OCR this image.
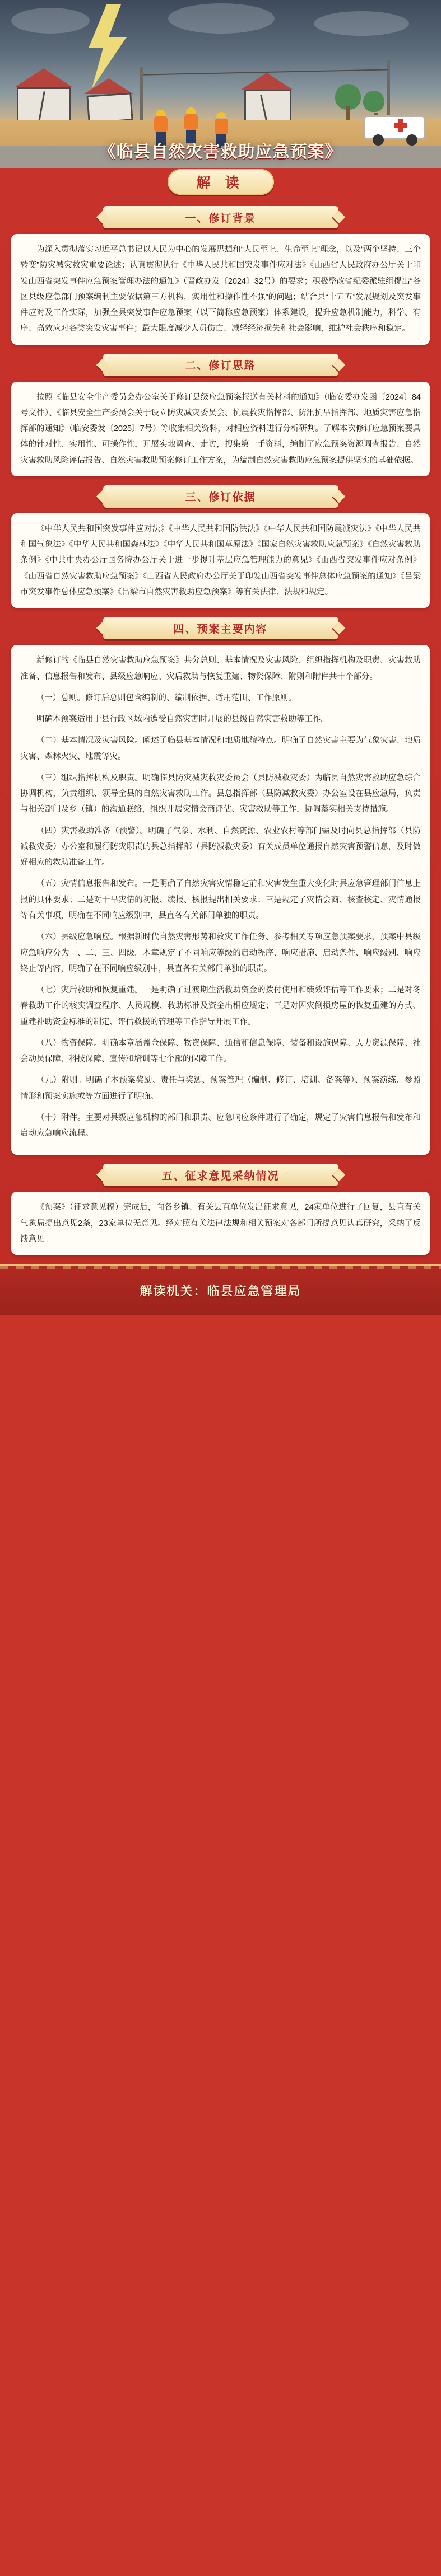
《临县自然灾害救助应急预案》
解 读
一、修订背景

为深入贯彻落实习近平总书记以人民为中心的发展思想和“人民至上、生命至上”理念，以及“两个坚持、三个转变”防灾减灾救灾重要论述；认真贯彻执行《中华人民共和国突发事件应对法》《山西省人民政府办公厅关于印发山西省突发事件应急预案管理办法的通知》（晋政办发〔2024〕32号）的要求；积极整改省纪委派驻组提出“各区县级应急部门预案编制主要依据第三方机构，实用性和操作性不强”的问题；结合县“十五五”发展规划及突发事件应对及工作实际，加强全县突发事件应急预案（以下简称应急预案）体系建设，提升应急机制能力，科学、有序、高效应对各类突发灾害事件；最大限度减少人员伤亡、减轻经济损失和社会影响，维护社会秩序和稳定。

二、修订思路

按照《临县安全生产委员会办公室关于修订县级应急预案报送有关材料的通知》（临安委办发函〔2024〕84号文件）、《临县安全生产委员会关于设立防灾减灾委员会、抗震救灾指挥部、防汛抗旱指挥部、地质灾害应急指挥部的通知》（临安委发〔2025〕7号）等收集相关资料，对相应资料进行分析研判。了解本次修订应急预案要具体的针对性、实用性、可操作性，开展实地调查、走访，搜集第一手资料，编制了应急预案资源调查报告、自然灾害救助风险评估报告、自然灾害救助预案修订工作方案，为编制自然灾害救助应急预案提供坚实的基础依据。

三、修订依据

《中华人民共和国突发事件应对法》《中华人民共和国防洪法》《中华人民共和国防震减灾法》《中华人民共和国气象法》《中华人民共和国森林法》《中华人民共和国草原法》《国家自然灾害救助应急预案》《自然灾害救助条例》《中共中央办公厅国务院办公厅关于进一步提升基层应急管理能力的意见》《山西省突发事件应对条例》《山西省自然灾害救助应急预案》《山西省人民政府办公厅关于印发山西省突发事件总体应急预案的通知》《吕梁市突发事件总体应急预案》《吕梁市自然灾害救助应急预案》等有关法律、法规和规定。

四、预案主要内容

新修订的《临县自然灾害救助应急预案》共分总则、基本情况及灾害风险、组织指挥机构及职责、灾害救助准备、信息报告和发布、县级应急响应、灾后救助与恢复重建、物资保障、附则和附件共十个部分。

（一）总则。修订后总则包含编制的、编制依据、适用范围、工作原则。

明确本预案适用于县行政区域内遭受自然灾害时开展的县级自然灾害救助等工作。

（二）基本情况及灾害风险。阐述了临县基本情况和地质地貌特点。明确了自然灾害主要为气象灾害、地质灾害、森林火灾、地震等灾。

（三）组织指挥机构及职责。明确临县防灾减灾救灾委员会（县防减救灾委）为临县自然灾害救助应急综合协调机构，负责组织、领导全县的自然灾害救助工作。县总指挥部（县防减救灾委）办公室设在县应急局，负责与相关部门及乡（镇）的沟通联络，组织开展灾情会商评估、灾害救助等工作，协调落实相关支持措施。

（四）灾害救助准备（预警）。明确了气象、水利、自然资源、农业农村等部门需及时向县总指挥部（县防减救灾委）办公室和履行防灾职责的县总指挥部（县防减救灾委）有关成员单位通报自然灾害预警信息，及时做好相应的救助准备工作。

（五）灾情信息报告和发布。一是明确了自然灾害灾情稳定前和灾害发生重大变化时县应急管理部门信息上报的具体要求；二是对干旱灾情的初报、续报、核报提出相关要求；三是规定了灾情会商、核查核定、灾情通报等有关事项，明确在不同响应级别中，县直各有关部门单独的职责。

（六）县级应急响应。根据新时代自然灾害形势和救灾工作任务、参考相关专项应急预案要求，预案中县级应急响应分为一、二、三、四级。本章规定了不同响应等级的启动程序、响应措施、启动条件、响应级别、响应终止等内容，明确了在不同响应级别中，县直各有关部门单独的职责。

（七）灾后救助和恢复重建。一是明确了过渡期生活救助资金的拨付使用和绩效评估等工作要求；二是对冬春救助工作的核实调查程序、人员规模、救助标准及资金出相应规定；三是对因灾倒损房屋的恢复重建的方式、重建补助资金标准的制定、评估救援的管理等工作指导开展工作。

（八）物资保障。明确本章涵盖金保障、物资保障、通信和信息保障、装备和设施保障、人力资源保障、社会动员保障、科技保障、宣传和培训等七个部的保障工作。

（九）附则。明确了本预案奖励、责任与奖惩、预案管理（编制、修订、培训、备案等）、预案演练、参照情形和预案实施或等方面进行了明确。

（十）附件。主要对县级应急机构的部门和职责、应急响应条件进行了确定，规定了灾害信息报告和发布和启动应急响应流程。

五、征求意见采纳情况

《预案》（征求意见稿）完成后，向各乡镇、有关县直单位发出征求意见，24家单位进行了回复，县直有关气象局提出意见2条，23家单位无意见。经对照有关法律法规和相关预案对各部门所提意见认真研究，采纳了反馈意见。

解读机关：临县应急管理局
